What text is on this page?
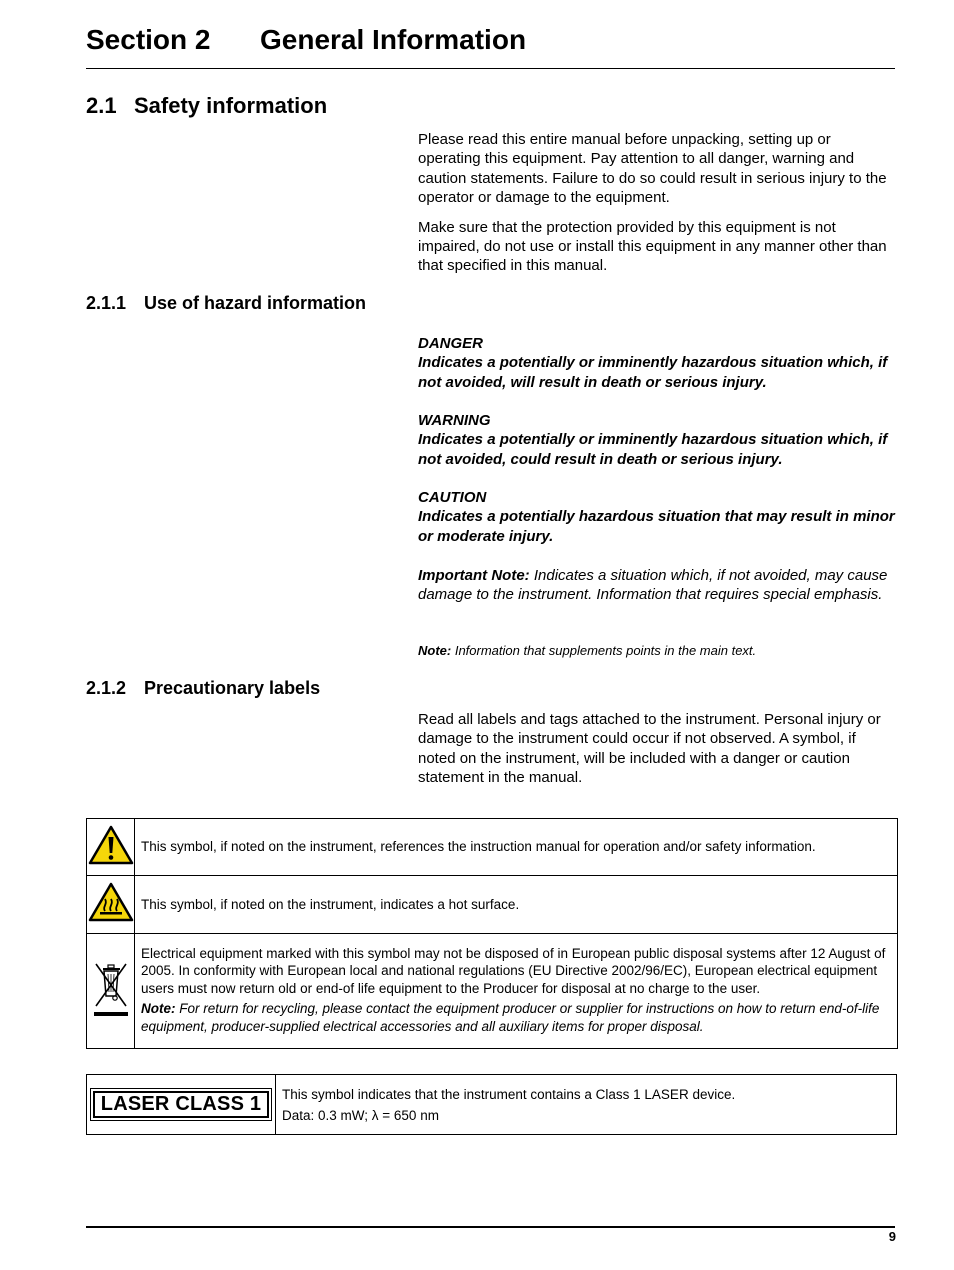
Section 2 General Information
2.1 Safety information

Please read this entire manual before unpacking, setting up or operating this equipment. Pay attention to all danger, warning and caution statements. Failure to do so could result in serious injury to the operator or damage to the equipment.

Make sure that the protection provided by this equipment is not impaired, do not use or install this equipment in any manner other than that specified in this manual.

2.1.1 Use of hazard information
DANGER
Indicates a potentially or imminently hazardous situation which, if not avoided, will result in death or serious injury.
WARNING
Indicates a potentially or imminently hazardous situation which, if not avoided, could result in death or serious injury.
CAUTION
Indicates a potentially hazardous situation that may result in minor or moderate injury.
Important Note: Indicates a situation which, if not avoided, may cause damage to the instrument. Information that requires special emphasis.
Note: Information that supplements points in the main text.
2.1.2 Precautionary labels

Read all labels and tags attached to the instrument. Personal injury or damage to the instrument could occur if not observed. A symbol, if noted on the instrument, will be included with a danger or caution statement in the manual.

	This symbol, if noted on the instrument, references the instruction manual for operation and/or safety information.
	This symbol, if noted on the instrument, indicates a hot surface.

Electrical equipment marked with this symbol may not be disposed of in European public disposal systems after 12 August of 2005. In conformity with European local and national regulations (EU Directive 2002/96/EC), European electrical equipment users must now return old or end-of life equipment to the Producer for disposal at no charge to the user.
Note: For return for recycling, please contact the equipment producer or supplier for instructions on how to return end-of-life equipment, producer-supplied electrical accessories and all auxiliary items for proper disposal.
LASER CLASS 1	This symbol indicates that the instrument contains a Class 1 LASER device.
Data: 0.3 mW; λ = 650 nm
9
